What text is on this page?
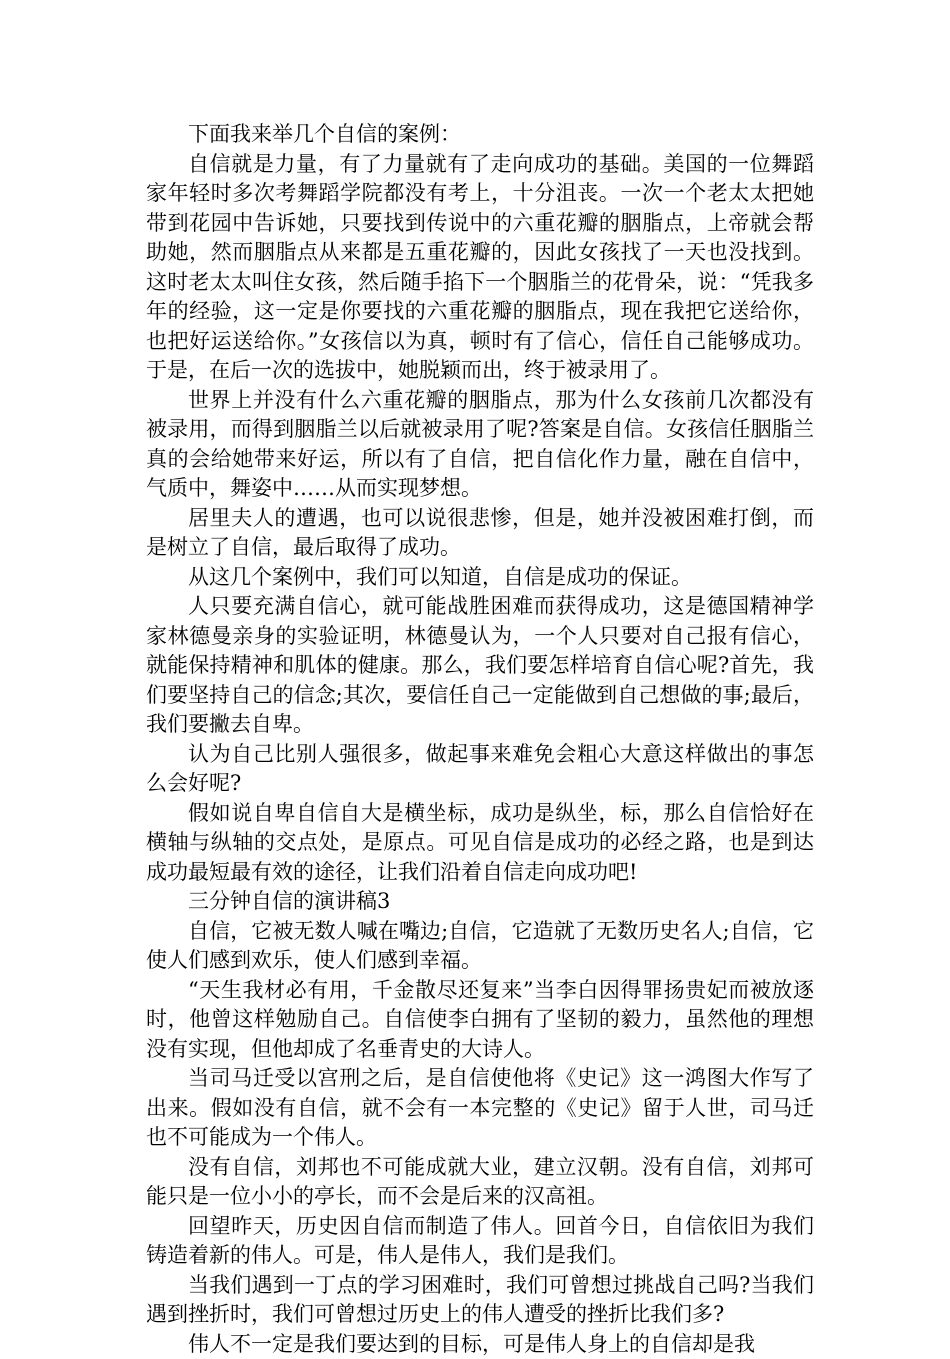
下面我来举几个自信的案例：

自信就是力量，有了力量就有了走向成功的基础。美国的一位舞蹈家年轻时多次考舞蹈学院都没有考上，十分沮丧。一次一个老太太把她带到花园中告诉她，只要找到传说中的六重花瓣的胭脂点，上帝就会帮助她，然而胭脂点从来都是五重花瓣的，因此女孩找了一天也没找到。这时老太太叫住女孩，然后随手掐下一个胭脂兰的花骨朵，说：“凭我多年的经验，这一定是你要找的六重花瓣的胭脂点，现在我把它送给你，也把好运送给你。”女孩信以为真，顿时有了信心，信任自己能够成功。于是，在后一次的选拔中，她脱颖而出，终于被录用了。

世界上并没有什么六重花瓣的胭脂点，那为什么女孩前几次都没有被录用，而得到胭脂兰以后就被录用了呢?答案是自信。女孩信任胭脂兰真的会给她带来好运，所以有了自信，把自信化作力量，融在自信中，气质中，舞姿中……从而实现梦想。

居里夫人的遭遇，也可以说很悲惨，但是，她并没被困难打倒，而是树立了自信，最后取得了成功。

从这几个案例中，我们可以知道，自信是成功的保证。

人只要充满自信心，就可能战胜困难而获得成功，这是德国精神学家林德曼亲身的实验证明，林德曼认为，一个人只要对自己报有信心，就能保持精神和肌体的健康。那么，我们要怎样培育自信心呢?首先，我们要坚持自己的信念;其次，要信任自己一定能做到自己想做的事;最后，我们要撇去自卑。

认为自己比别人强很多，做起事来难免会粗心大意这样做出的事怎么会好呢?

假如说自卑自信自大是横坐标，成功是纵坐，标，那么自信恰好在横轴与纵轴的交点处，是原点。可见自信是成功的必经之路，也是到达成功最短最有效的途径，让我们沿着自信走向成功吧!

三分钟自信的演讲稿3

自信，它被无数人喊在嘴边;自信，它造就了无数历史名人;自信，它使人们感到欢乐，使人们感到幸福。

“天生我材必有用，千金散尽还复来”当李白因得罪扬贵妃而被放逐时，他曾这样勉励自己。自信使李白拥有了坚韧的毅力，虽然他的理想没有实现，但他却成了名垂青史的大诗人。

当司马迁受以宫刑之后，是自信使他将《史记》这一鸿图大作写了出来。假如没有自信，就不会有一本完整的《史记》留于人世，司马迁也不可能成为一个伟人。

没有自信，刘邦也不可能成就大业，建立汉朝。没有自信，刘邦可能只是一位小小的亭长，而不会是后来的汉高祖。

回望昨天，历史因自信而制造了伟人。回首今日，自信依旧为我们铸造着新的伟人。可是，伟人是伟人，我们是我们。

当我们遇到一丁点的学习困难时，我们可曾想过挑战自己吗?当我们遇到挫折时，我们可曾想过历史上的伟人遭受的挫折比我们多?

伟人不一定是我们要达到的目标，可是伟人身上的自信却是我
